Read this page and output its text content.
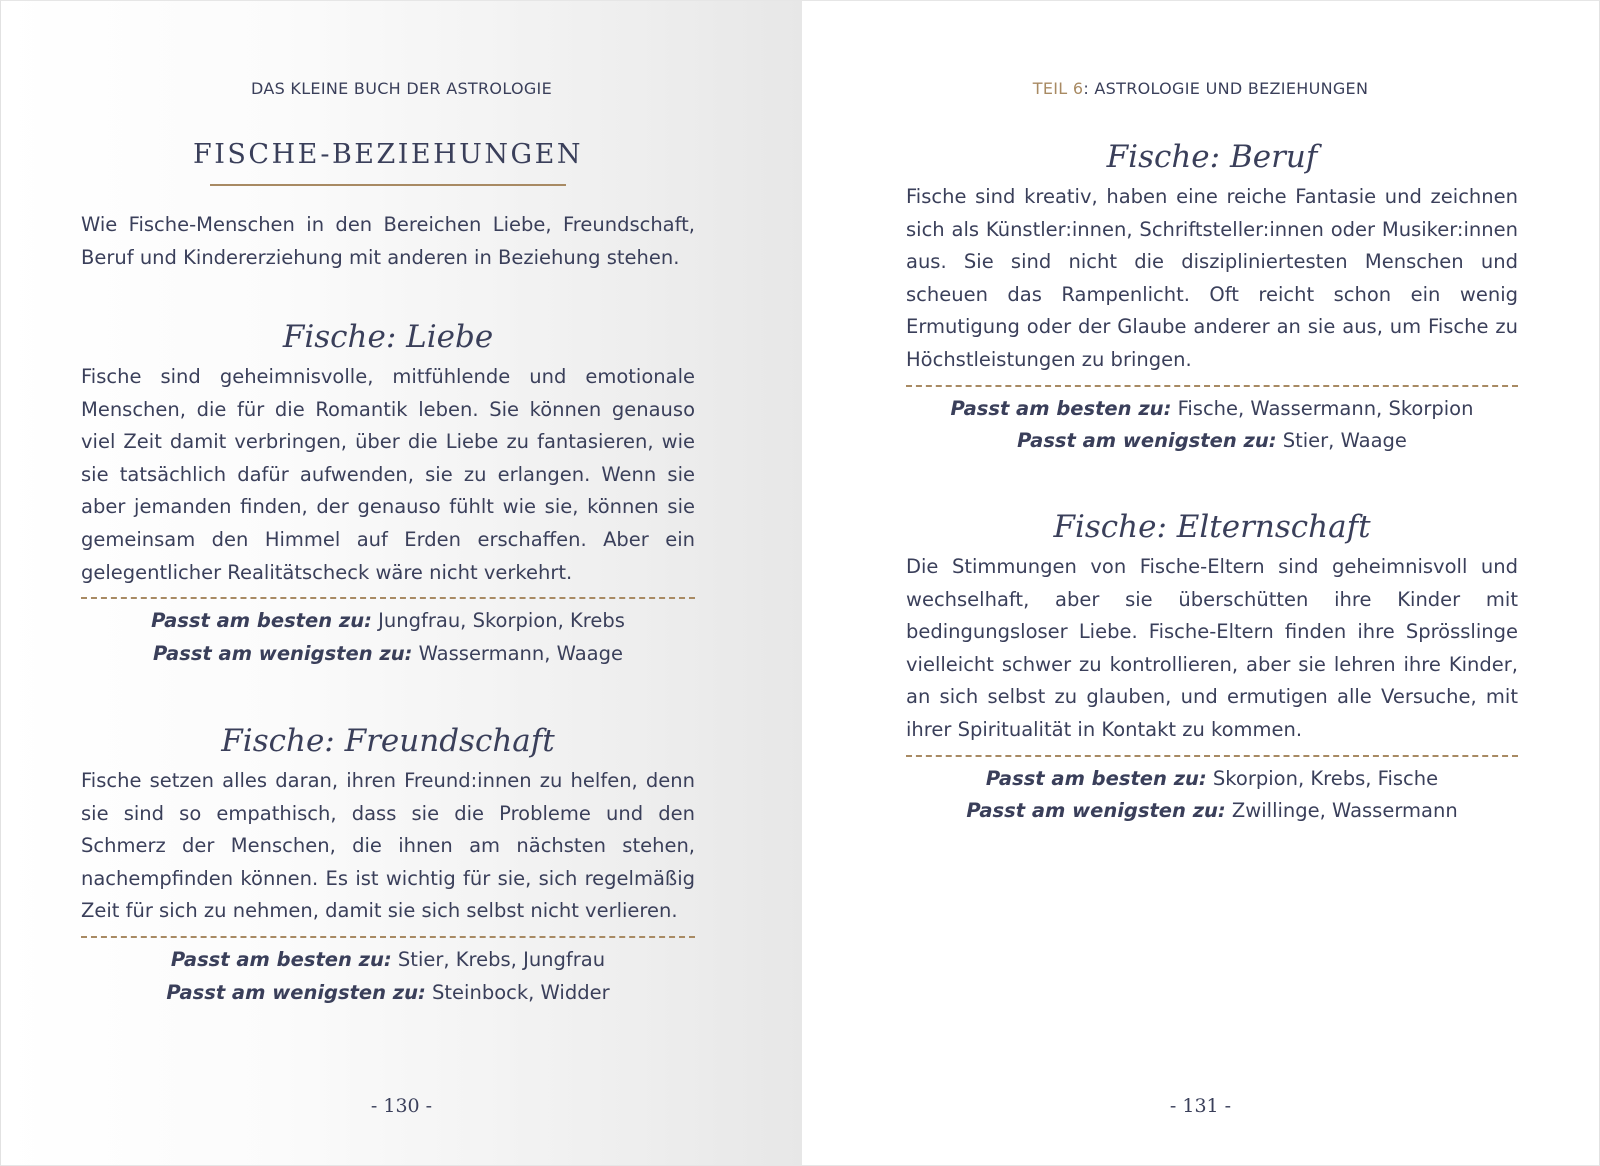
DAS KLEINE BUCH DER ASTROLOGIE
FISCHE-BEZIEHUNGEN

Wie Fische-Menschen in den Bereichen Liebe, Freundschaft, Beruf und Kindererziehung mit anderen in Beziehung stehen.

Fische: Liebe

Fische sind geheimnisvolle, mitfühlende und emotionale Menschen, die für die Romantik leben. Sie können genauso viel Zeit damit verbringen, über die Liebe zu fantasieren, wie sie tatsächlich dafür aufwenden, sie zu erlangen. Wenn sie aber jemanden finden, der genauso fühlt wie sie, können sie gemeinsam den Himmel auf Erden erschaffen. Aber ein gelegentlicher Realitätscheck wäre nicht verkehrt.

Passt am besten zu: Jungfrau, Skorpion, Krebs

Passt am wenigsten zu: Wassermann, Waage

Fische: Freundschaft

Fische setzen alles daran, ihren Freund:innen zu helfen, denn sie sind so empathisch, dass sie die Probleme und den Schmerz der Menschen, die ihnen am nächsten stehen, nachempfinden können. Es ist wichtig für sie, sich regelmäßig Zeit für sich zu nehmen, damit sie sich selbst nicht verlieren.

Passt am besten zu: Stier, Krebs, Jungfrau

Passt am wenigsten zu: Steinbock, Widder

- 130 -
TEIL 6: ASTROLOGIE UND BEZIEHUNGEN
Fische: Beruf

Fische sind kreativ, haben eine reiche Fantasie und zeichnen sich als Künstler:innen, Schriftsteller:innen oder Musiker:innen aus. Sie sind nicht die diszipliniertesten Menschen und scheuen das Rampenlicht. Oft reicht schon ein wenig Ermutigung oder der Glaube anderer an sie aus, um Fische zu Höchstleistungen zu bringen.

Passt am besten zu: Fische, Wassermann, Skorpion

Passt am wenigsten zu: Stier, Waage

Fische: Elternschaft

Die Stimmungen von Fische-Eltern sind geheimnisvoll und wechselhaft, aber sie überschütten ihre Kinder mit bedingungsloser Liebe. Fische-Eltern finden ihre Sprösslinge vielleicht schwer zu kontrollieren, aber sie lehren ihre Kinder, an sich selbst zu glauben, und ermutigen alle Versuche, mit ihrer Spiritualität in Kontakt zu kommen.

Passt am besten zu: Skorpion, Krebs, Fische

Passt am wenigsten zu: Zwillinge, Wassermann

- 131 -
